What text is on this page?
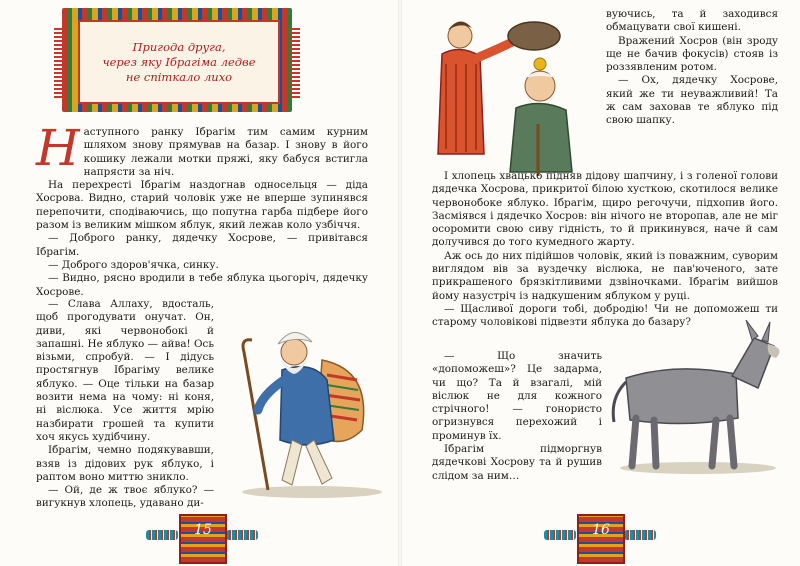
Пригода друга,
через яку Ібрагіма ледве
не спіткало лихо
Н аступного ранку Ібрагім тим самим курним шляхом знову прямував на базар. І знову в його кошику лежали мотки пряжі, яку бабуся встигла напрясти за ніч.

На перехресті Ібрагім наздогнав односельця — діда Хосрова. Видно, старий чоловік уже не вперше зупинявся перепочити, сподіваючись, що попутна гарба підбере його разом із великим мішком яблук, який лежав коло узбіччя.

— Доброго ранку, дядечку Хосрове, — привітався Ібрагім.

— Доброго здоров'ячка, синку.

— Видно, рясно вродили в тебе яблука цьогоріч, дядечку Хосрове.

— Слава Аллаху, вдосталь, щоб прогодувати онучат. Он, диви, які червонобокі й запашні. Не яблуко — айва! Ось візьми, спробуй. — І дідусь простягнув Ібрагіму велике яблуко. — Оце тільки на базар возити нема на чому: ні коня, ні віслюка. Усе життя мрію назбирати грошей та купити хоч якусь худібчину.

Ібрагім, чемно подякувавши, взяв із дідових рук яблуко, і раптом воно миттю зникло.

— Ой, де ж твоє яблуко? — вигукнув хлопець, удавано ди-

15

вуючись, та й заходився обмацувати свої кишені.

Вражений Хосров (він зроду ще не бачив фокусів) стояв із роззявленим ротом.

— Ох, дядечку Хосрове, який же ти неуважливий! Та ж сам заховав те яблуко під свою шапку.

І хлопець хвацько підняв дідову шапчину, і з голеної голови дядечка Хосрова, прикритої білою хусткою, скотилося велике червонобоке яблуко. Ібрагім, щиро регочучи, підхопив його. Засміявся і дядечко Хосров: він нічого не второпав, але не міг осоромити свою сиву гідність, то й прикинувся, наче й сам долучився до того кумедного жарту.

Аж ось до них підійшов чоловік, який із поважним, суворим виглядом вів за вуздечку віслюка, не пав'юченого, зате прикрашеного брязкітливими дзвіночками. Ібрагім вийшов йому назустріч із надкушеним яблуком у руці.

— Щасливої дороги тобі, добродію! Чи не допоможеш ти старому чоловікові підвезти яблука до базару?

— Що значить «допоможеш»? Це задарма, чи що? Та й взагалі, мій віслюк не для кожного стрічного! — гонористо огризнувся перехожий і проминув їх.

Ібрагім підморгнув дядечкові Хосрову та й рушив слідом за ним…

16
